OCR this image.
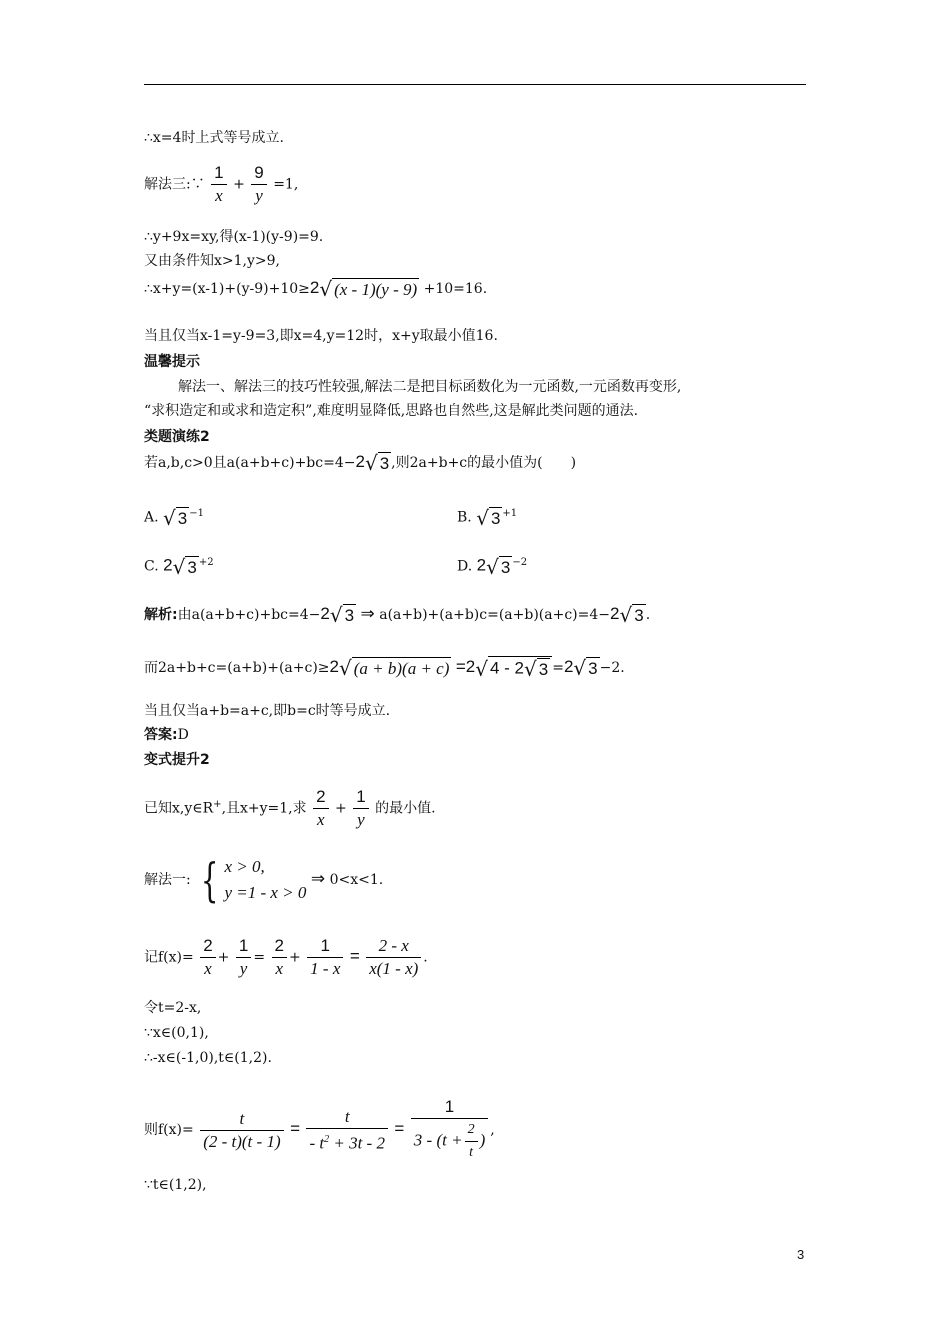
∴x=4时上式等号成立.
解法三:∵ $\frac{1}{x} + \frac{9}{y} =1$,
∴y+9x=xy,得(x-1)(y-9)=9.
又由条件知x>1,y>9,
∴x+y=(x-1)+(y-9)+10≥2 √ (x - 1)(y - 9) +10=16.
当且仅当x-1=y-9=3,即x=4,y=12时，x+y取最小值16.
温馨提示
解法一、解法三的技巧性较强,解法二是把目标函数化为一元函数,一元函数再变形,
“求积造定和或求和造定积”,难度明显降低,思路也自然些,这是解此类问题的通法.
类题演练2
若a,b,c>0且a(a+b+c)+bc=4−2 √ 3 ,则2a+b+c的最小值为(　　)
A. √ 3 $^{-1}$	B. √ 3 $^{+1}$
C. 2 √ 3 $^{+2}$	D. 2 √ 3 $^{-2}$
解析:由a(a+b+c)+bc=4−2 √ 3 ⇒ a(a+b)+(a+b)c=(a+b)(a+c)=4−2 √ 3 .
而2a+b+c=(a+b)+(a+c)≥2 √ (a + b)(a + c) =2 √ 4 - 2 √ 3 =2 √ 3 −2.
当且仅当a+b=a+c,即b=c时等号成立.
答案:D
变式提升2
已知x,y∈R+,且x+y=1,求 $\frac{2}{x} + \frac{1}{y}$ 的最小值.
解法一: { x > 0,
y =1 - x > 0
⇒ 0<x<1.
记$f(x)= \frac{2}{x} + \frac{1}{y} = \frac{2}{x} + \frac{1}{1 - x} = \frac{2 - x}{x(1 - x)}$ .
令t=2-x,
∵x∈(0,1),
∴-x∈(-1,0),t∈(1,2).
则$f(x)= \frac{t}{(2 - t)(t - 1)} = \frac{t}{- t^2 + 3t - 2} = \frac{1}{3 - (t + \frac{2}{t} )}$ ,
∵t∈(1,2),
3
